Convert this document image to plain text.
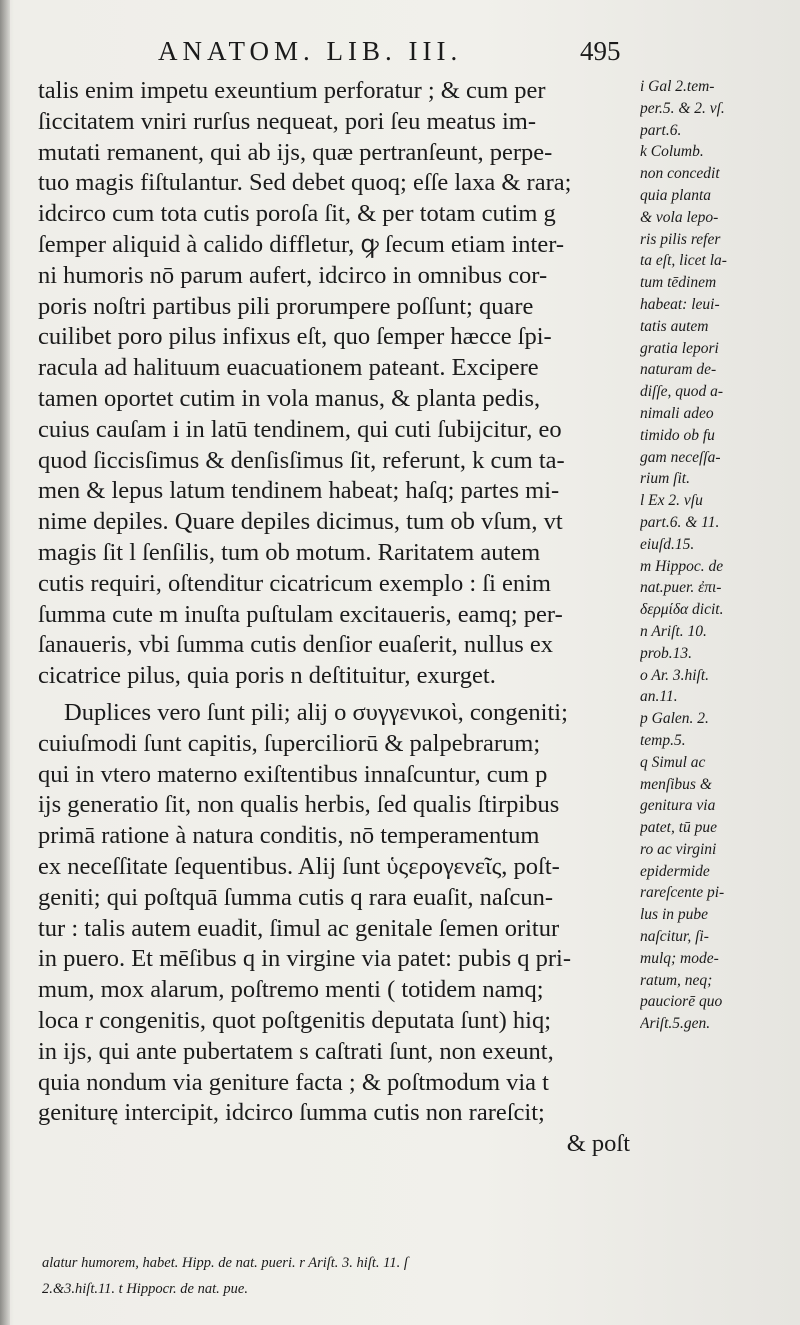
ANATOM. LIB. III.	495
talis enim impetu exeuntium perforatur ; & cum per
ſiccitatem vniri rurſus nequeat, pori ſeu meatus im-
mutati remanent, qui ab ijs, quæ pertranſeunt, perpe-
tuo magis fiſtulantur. Sed debet quoq; eſſe laxa & rara;
idcirco cum tota cutis poroſa ſit, & per totam cutim g
ſemper aliquid à calido diffletur, ꝙ ſecum etiam inter-
ni humoris nō parum aufert, idcirco in omnibus cor-
poris noſtri partibus pili prorumpere poſſunt; quare
cuilibet poro pilus infixus eſt, quo ſemper hæcce ſpi-
racula ad halituum euacuationem pateant. Excipere
tamen oportet cutim in vola manus, & planta pedis,
cuius cauſam i in latū tendinem, qui cuti ſubijcitur, eo
quod ſiccisſimus & denſisſimus ſit, referunt, k cum ta-
men & lepus latum tendinem habeat; haſq; partes mi-
nime depiles. Quare depiles dicimus, tum ob vſum, vt
magis ſit l ſenſilis, tum ob motum. Raritatem autem
cutis requiri, oſtenditur cicatricum exemplo : ſi enim
ſumma cute m inuſta puſtulam excitaueris, eamq; per-
ſanaueris, vbi ſumma cutis denſior euaſerit, nullus ex
cicatrice pilus, quia poris n deſtituitur, exurget.
Duplices vero ſunt pili; alij o συγγενικοὶ, congeniti;
cuiuſmodi ſunt capitis, ſuperciliorū & palpebrarum;
qui in vtero materno exiſtentibus innaſcuntur, cum p
ijs generatio ſit, non qualis herbis, ſed qualis ſtirpibus
primā ratione à natura conditis, nō temperamentum
ex neceſſitate ſequentibus. Alij ſunt ὑςερογενεῖς, poſt-
geniti; qui poſtquā ſumma cutis q rara euaſit, naſcun-
tur : talis autem euadit, ſimul ac genitale ſemen oritur
in puero. Et mēſibus q in virgine via patet: pubis q pri-
mum, mox alarum, poſtremo menti ( totidem namq;
loca r congenitis, quot poſtgenitis deputata ſunt) hiq;
in ijs, qui ante pubertatem s caſtrati ſunt, non exeunt,
quia nondum via geniture facta ; & poſtmodum via t
geniturę intercipit, idcirco ſumma cutis non rareſcit;
& poſt
i Gal 2.tem-
per.5. & 2. vſ.
part.6.
k Columb.
non concedit
quia planta
& vola lepo-
ris pilis refer
ta eſt, licet la-
tum tēdinem
habeat: leui-
tatis autem
gratia lepori
naturam de-
diſſe, quod a-
nimali adeo
timido ob fu
gam neceſſa-
rium ſit.
l Ex 2. vſu
part.6. & 11.
eiuſd.15.
m Hippoc. de
nat.puer. ἐπι-
δερμίδα dicit.
n Ariſt. 10.
prob.13.
o Ar. 3.hiſt.
an.11.
p Galen. 2.
temp.5.
q Simul ac
menſibus &
genitura via
patet, tū pue
ro ac virgini
epidermide
rareſcente pi-
lus in pube
naſcitur, ſi-
mulq; mode-
ratum, neq;
pauciorē quo
Ariſt.5.gen.
alatur humorem, habet. Hipp. de nat. pueri. r Ariſt. 3. hiſt. 11. ſ
2.&3.hiſt.11. t Hippocr. de nat. pue.
